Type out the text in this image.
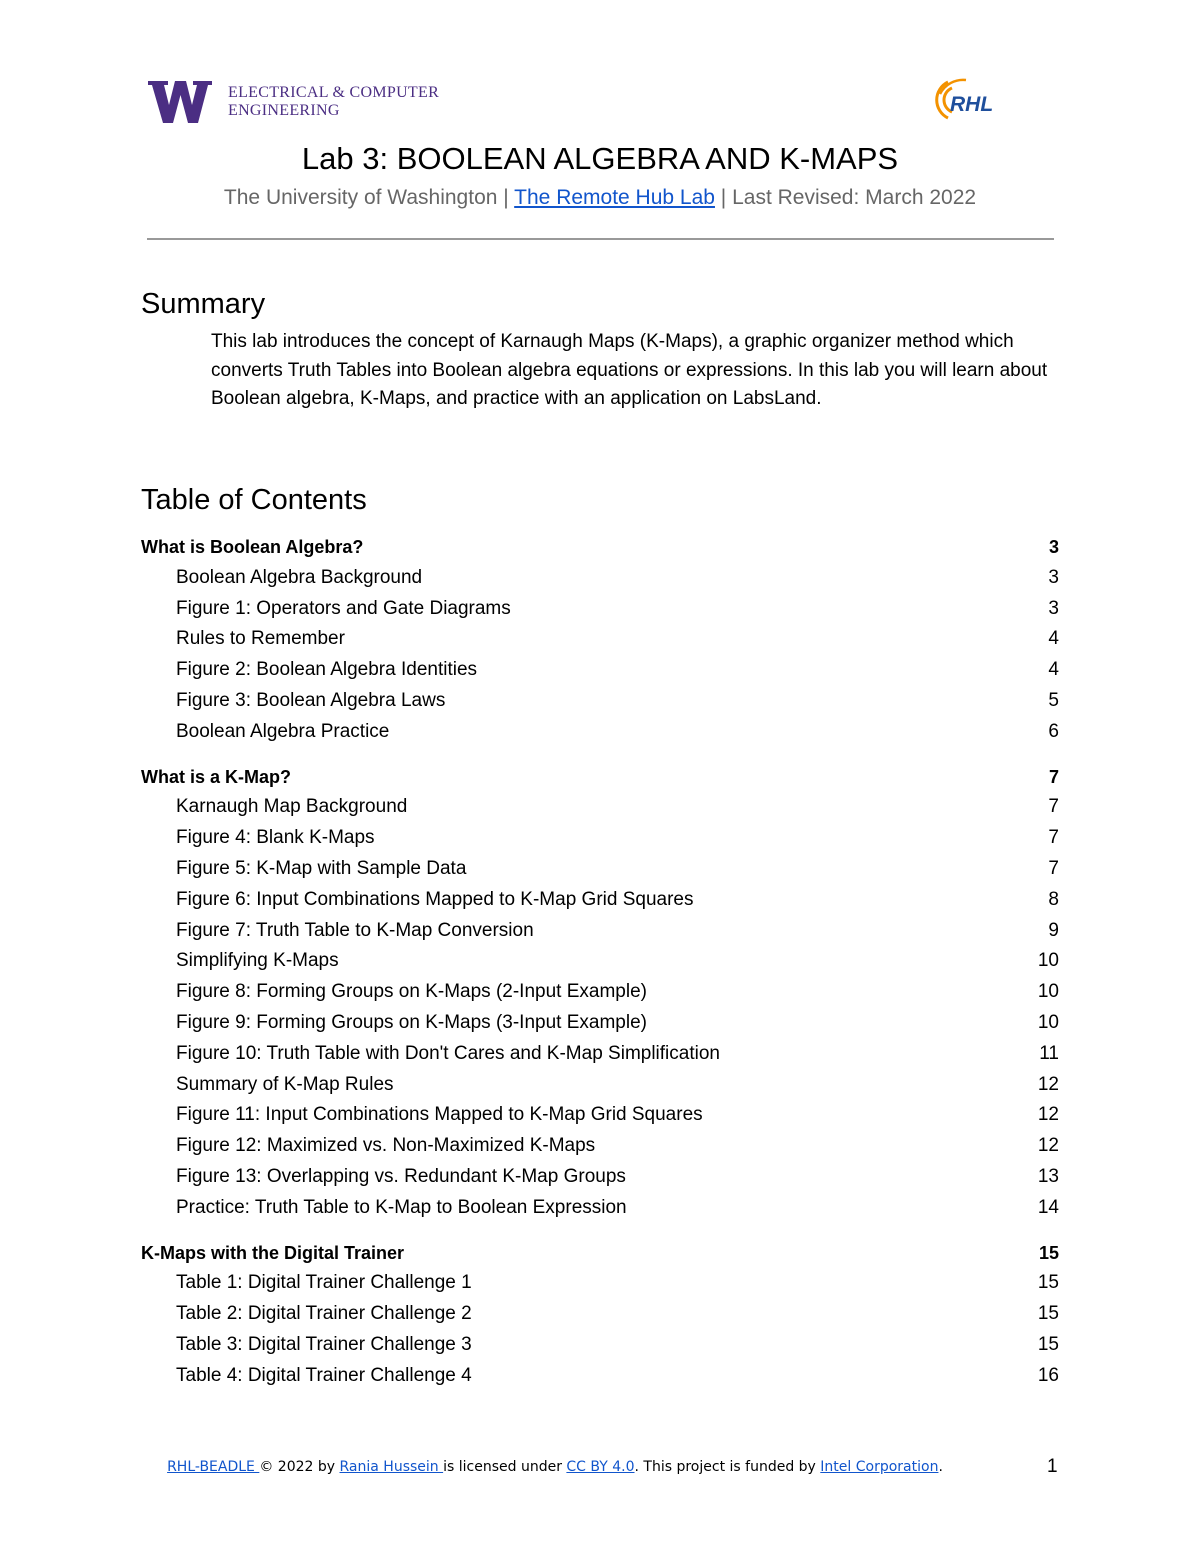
ELECTRICAL & COMPUTER
ENGINEERING	RHL
Lab 3: BOOLEAN ALGEBRA AND K-MAPS
The University of Washington | The Remote Hub Lab | Last Revised: March 2022
Summary
This lab introduces the concept of Karnaugh Maps (K-Maps), a graphic organizer method which converts Truth Tables into Boolean algebra equations or expressions. In this lab you will learn about Boolean algebra, K-Maps, and practice with an application on LabsLand.
Table of Contents
What is Boolean Algebra?	3
Boolean Algebra Background	3
Figure 1: Operators and Gate Diagrams	3
Rules to Remember	4
Figure 2: Boolean Algebra Identities	4
Figure 3: Boolean Algebra Laws	5
Boolean Algebra Practice	6
What is a K-Map?	7
Karnaugh Map Background	7
Figure 4: Blank K-Maps	7
Figure 5: K-Map with Sample Data	7
Figure 6: Input Combinations Mapped to K-Map Grid Squares	8
Figure 7: Truth Table to K-Map Conversion	9
Simplifying K-Maps	10
Figure 8: Forming Groups on K-Maps (2-Input Example)	10
Figure 9: Forming Groups on K-Maps (3-Input Example)	10
Figure 10: Truth Table with Don't Cares and K-Map Simplification	11
Summary of K-Map Rules	12
Figure 11: Input Combinations Mapped to K-Map Grid Squares	12
Figure 12: Maximized vs. Non-Maximized K-Maps	12
Figure 13: Overlapping vs. Redundant K-Map Groups	13
Practice: Truth Table to K-Map to Boolean Expression	14
K-Maps with the Digital Trainer	15
Table 1: Digital Trainer Challenge 1	15
Table 2: Digital Trainer Challenge 2	15
Table 3: Digital Trainer Challenge 3	15
Table 4: Digital Trainer Challenge 4	16
RHL-BEADLE © 2022 by Rania Hussein is licensed under CC BY 4.0. This project is funded by Intel Corporation.	1
